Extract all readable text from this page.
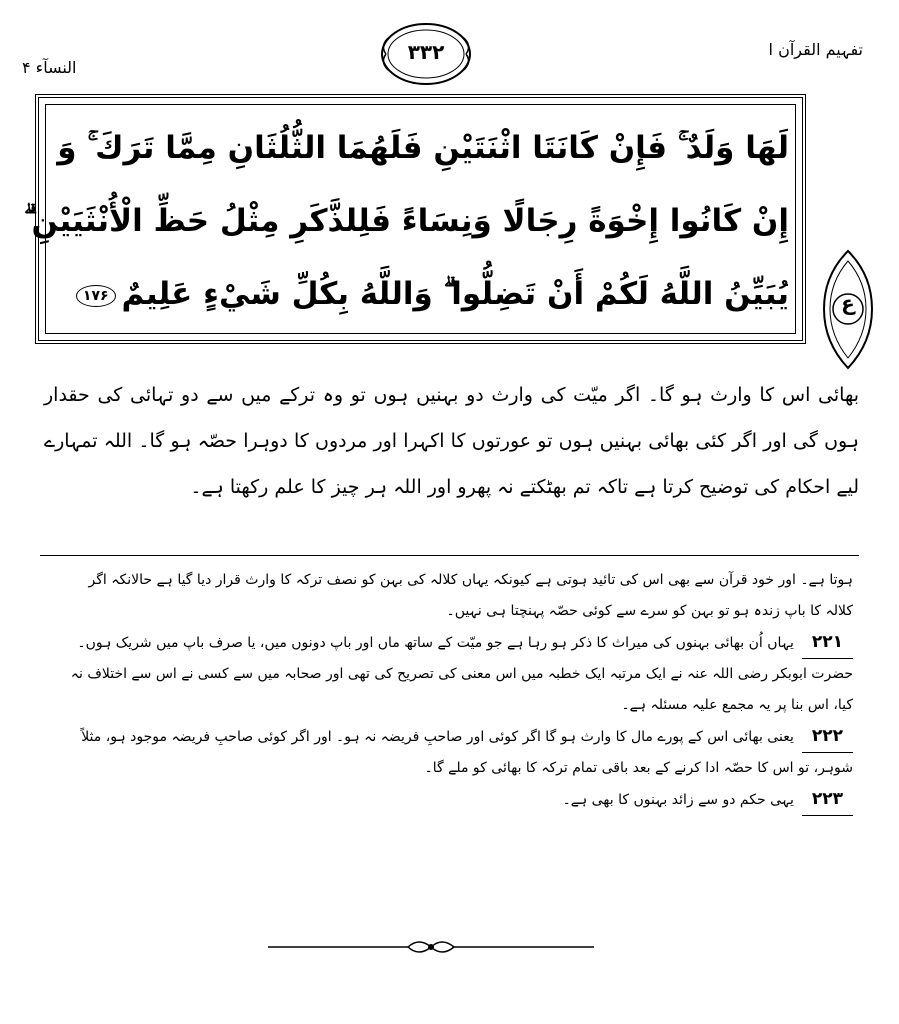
تفہیم القرآن ا
النسآء ۴
۳۳۲
لَهَا وَلَدٌ ۚ فَإِنْ كَانَتَا اثْنَتَيْنِ فَلَهُمَا الثُّلُثَانِ مِمَّا تَرَكَ ۚ وَ
إِنْ كَانُوا إِخْوَةً رِجَالًا وَنِسَاءً فَلِلذَّكَرِ مِثْلُ حَظِّ الْأُنْثَيَيْنِ ۗ
يُبَيِّنُ اللَّهُ لَكُمْ أَنْ تَضِلُّوا ۗ وَاللَّهُ بِكُلِّ شَيْءٍ عَلِيمٌ۱۷۶	ع
بھائی اس کا وارث ہو گا۔ اگر میّت کی وارث دو بہنیں ہوں تو وہ ترکے میں سے دو تہائی کی حقدار ہوں گی اور اگر کئی بھائی بہنیں ہوں تو عورتوں کا اکہرا اور مردوں کا دوہرا حصّہ ہو گا۔ اللہ تمہارے لیے احکام کی توضیح کرتا ہے تاکہ تم بھٹکتے نہ پھرو اور اللہ ہر چیز کا علم رکھتا ہے۔

ہوتا ہے۔ اور خود قرآن سے بھی اس کی تائید ہوتی ہے کیونکہ یہاں کلالہ کی بہن کو نصف ترکہ کا وارث قرار دیا گیا ہے حالانکہ اگر کلالہ کا باپ زندہ ہو تو بہن کو سرے سے کوئی حصّہ پہنچتا ہی نہیں۔

۲۲۱یہاں اُن بھائی بہنوں کی میراث کا ذکر ہو رہا ہے جو میّت کے ساتھ ماں اور باپ دونوں میں، یا صرف باپ میں شریک ہوں۔ حضرت ابوبکر رضی اللہ عنہ نے ایک مرتبہ ایک خطبہ میں اس معنی کی تصریح کی تھی اور صحابہ میں سے کسی نے اس سے اختلاف نہ کیا، اس بنا پر یہ مجمع علیہ مسئلہ ہے۔

۲۲۲یعنی بھائی اس کے پورے مال کا وارث ہو گا اگر کوئی اور صاحبِ فریضہ نہ ہو۔ اور اگر کوئی صاحبِ فریضہ موجود ہو، مثلاً شوہر، تو اس کا حصّہ ادا کرنے کے بعد باقی تمام ترکہ کا بھائی کو ملے گا۔

۲۲۳یہی حکم دو سے زائد بہنوں کا بھی ہے۔
